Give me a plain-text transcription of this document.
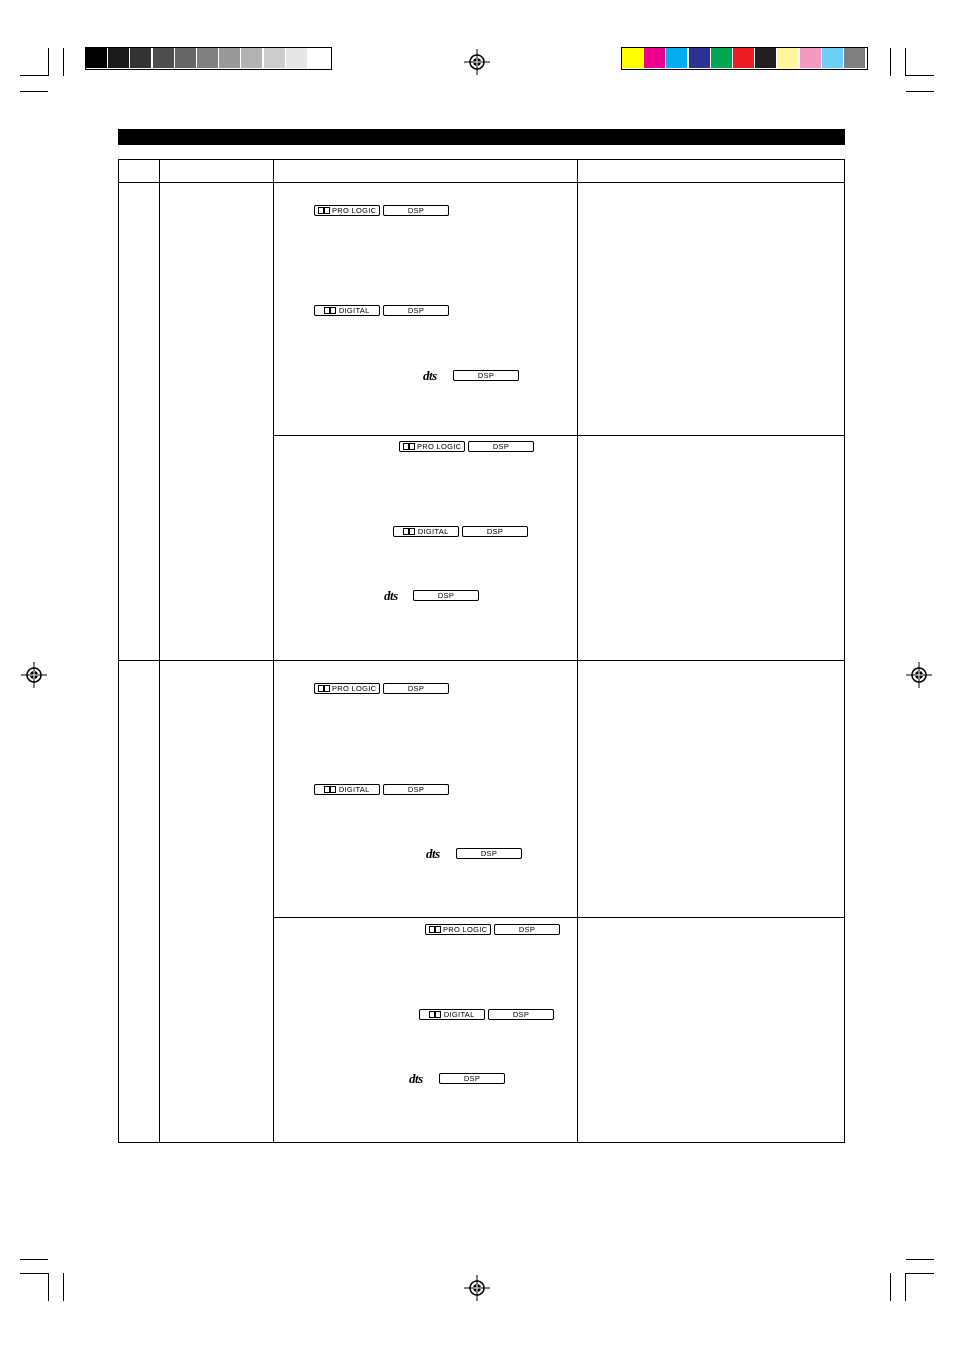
PRO LOGIC	DSP
DIGITAL	DSP
dts	DSP
PRO LOGIC	DSP
DIGITAL	DSP
dts	DSP
PRO LOGIC	DSP
DIGITAL	DSP
dts	DSP
PRO LOGIC	DSP
DIGITAL	DSP
dts	DSP
